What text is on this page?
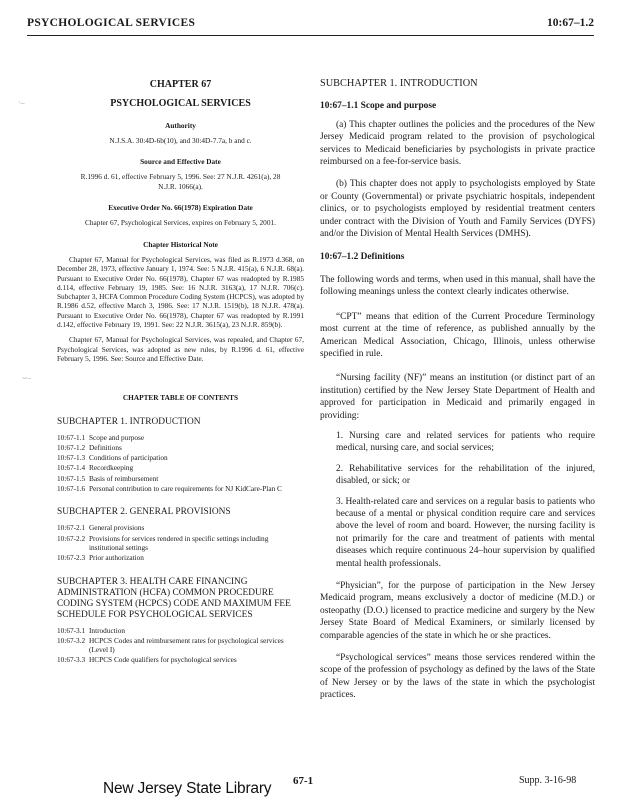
PSYCHOLOGICAL SERVICES	10:67–1.2
·–
⌣–
CHAPTER 67
PSYCHOLOGICAL SERVICES
Authority
N.J.S.A. 30:4D-6b(10), and 30:4D-7.7a, b and c.
Source and Effective Date
R.1996 d. 61, effective February 5, 1996. See: 27 N.J.R. 4261(a), 28 N.J.R. 1066(a).
Executive Order No. 66(1978) Expiration Date
Chapter 67, Psychological Services, expires on February 5, 2001.
Chapter Historical Note
Chapter 67, Manual for Psychological Services, was filed as R.1973 d.368, on December 28, 1973, effective January 1, 1974. See: 5 N.J.R. 415(a), 6 N.J.R. 68(a). Pursuant to Executive Order No. 66(1978), Chapter 67 was readopted by R.1985 d.114, effective February 19, 1985. See: 16 N.J.R. 3163(a), 17 N.J.R. 706(c). Subchapter 3, HCFA Common Procedure Coding System (HCPCS), was adopted by R.1986 d.52, effective March 3, 1986. See: 17 N.J.R. 1519(b), 18 N.J.R. 478(a). Pursuant to Executive Order No. 66(1978), Chapter 67 was readopted by R.1991 d.142, effective February 19, 1991. See: 22 N.J.R. 3615(a), 23 N.J.R. 859(b).
Chapter 67, Manual for Psychological Services, was repealed, and Chapter 67, Psychological Services, was adopted as new rules, by R.1996 d. 61, effective February 5, 1996. See: Source and Effective Date.
CHAPTER TABLE OF CONTENTS
SUBCHAPTER 1. INTRODUCTION
10:67-1.1 Scope and purpose
10:67-1.2 Definitions
10:67-1.3 Conditions of participation
10:67-1.4 Recordkeeping
10:67-1.5 Basis of reimbursement
10:67-1.6 Personal contribution to care requirements for NJ KidCare-Plan C
SUBCHAPTER 2. GENERAL PROVISIONS
10:67-2.1 General provisions
10:67-2.2 Provisions for services rendered in specific settings including institutional settings
10:67-2.3 Prior authorization
SUBCHAPTER 3. HEALTH CARE FINANCING ADMINISTRATION (HCFA) COMMON PROCEDURE CODING SYSTEM (HCPCS) CODE AND MAXIMUM FEE SCHEDULE FOR PSYCHOLOGICAL SERVICES
10:67-3.1 Introduction
10:67-3.2 HCPCS Codes and reimbursement rates for psychological services (Level I)
10:67-3.3 HCPCS Code qualifiers for psychological services
SUBCHAPTER 1. INTRODUCTION
10:67–1.1 Scope and purpose
(a) This chapter outlines the policies and the procedures of the New Jersey Medicaid program related to the provision of psychological services to Medicaid beneficiaries by psychologists in private practice reimbursed on a fee-for-service basis.
(b) This chapter does not apply to psychologists employed by State or County (Governmental) or private psychiatric hospitals, independent clinics, or to psychologists employed by residential treatment centers under contract with the Division of Youth and Family Services (DYFS) and/or the Division of Mental Health Services (DMHS).
10:67–1.2 Definitions
The following words and terms, when used in this manual, shall have the following meanings unless the context clearly indicates otherwise.
“CPT” means that edition of the Current Procedure Terminology most current at the time of reference, as published annually by the American Medical Association, Chicago, Illinois, unless otherwise specified in rule.
“Nursing facility (NF)” means an institution (or distinct part of an institution) certified by the New Jersey State Department of Health and approved for participation in Medicaid and primarily engaged in providing:
1. Nursing care and related services for patients who require medical, nursing care, and social services;
2. Rehabilitative services for the rehabilitation of the injured, disabled, or sick; or
3. Health-related care and services on a regular basis to patients who because of a mental or physical condition require care and services above the level of room and board. However, the nursing facility is not primarily for the care and treatment of patients with mental diseases which require continuous 24–hour supervision by qualified mental health professionals.
“Physician”, for the purpose of participation in the New Jersey Medicaid program, means exclusively a doctor of medicine (M.D.) or osteopathy (D.O.) licensed to practice medicine and surgery by the New Jersey State Board of Medical Examiners, or similarly licensed by comparable agencies of the state in which he or she practices.
“Psychological services” means those services rendered within the scope of the profession of psychology as defined by the laws of the State of New Jersey or by the laws of the state in which the psychologist practices.
67-1	Supp. 3-16-98
New Jersey State Library
